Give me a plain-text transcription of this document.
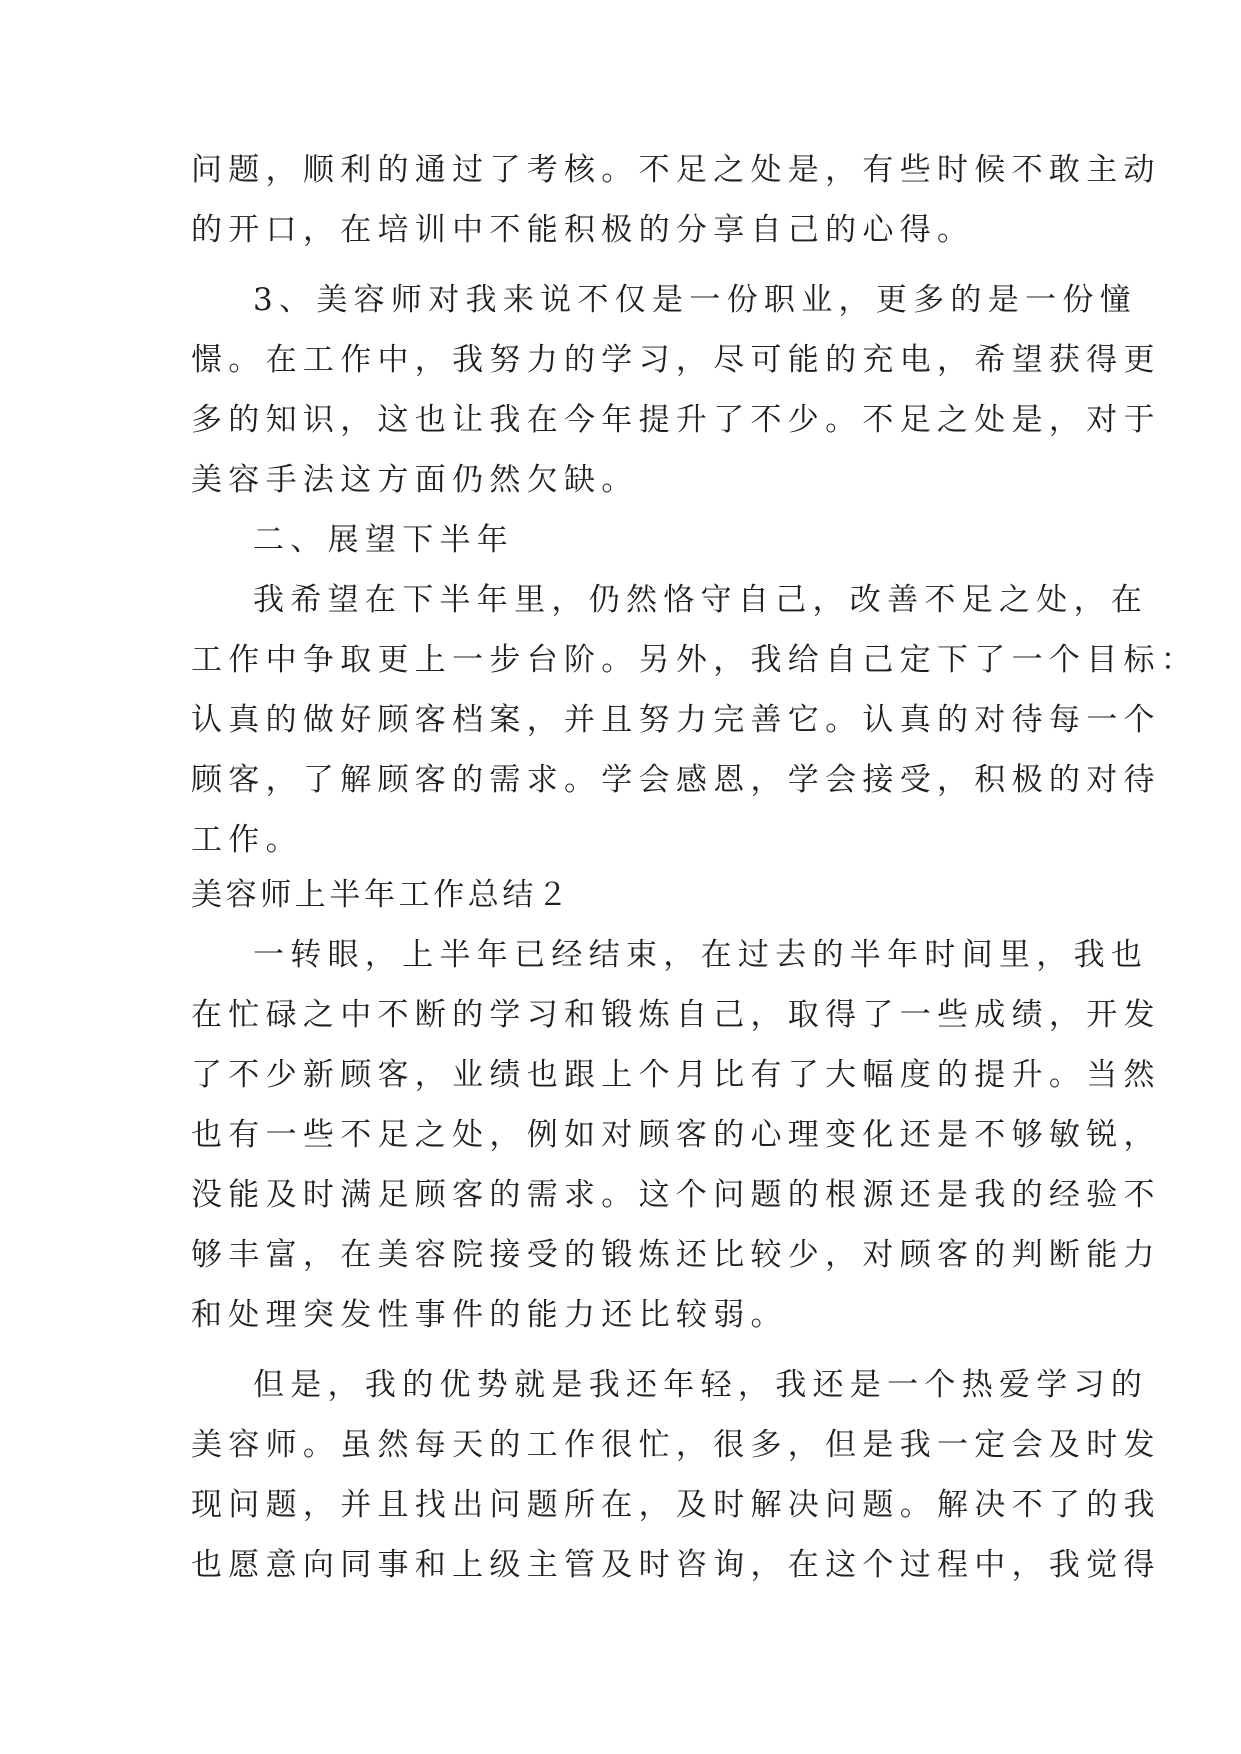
问题，顺利的通过了考核。不足之处是，有些时候不敢主动

的开口，在培训中不能积极的分享自己的心得。

3、美容师对我来说不仅是一份职业，更多的是一份憧

憬。在工作中，我努力的学习，尽可能的充电，希望获得更

多的知识，这也让我在今年提升了不少。不足之处是，对于

美容手法这方面仍然欠缺。

二、展望下半年

我希望在下半年里，仍然恪守自己，改善不足之处，在

工作中争取更上一步台阶。另外，我给自己定下了一个目标：

认真的做好顾客档案，并且努力完善它。认真的对待每一个

顾客，了解顾客的需求。学会感恩，学会接受，积极的对待

工作。

美容师上半年工作总结２

一转眼，上半年已经结束，在过去的半年时间里，我也

在忙碌之中不断的学习和锻炼自己，取得了一些成绩，开发

了不少新顾客，业绩也跟上个月比有了大幅度的提升。当然

也有一些不足之处，例如对顾客的心理变化还是不够敏锐，

没能及时满足顾客的需求。这个问题的根源还是我的经验不

够丰富，在美容院接受的锻炼还比较少，对顾客的判断能力

和处理突发性事件的能力还比较弱。

但是，我的优势就是我还年轻，我还是一个热爱学习的

美容师。虽然每天的工作很忙，很多，但是我一定会及时发

现问题，并且找出问题所在，及时解决问题。解决不了的我

也愿意向同事和上级主管及时咨询，在这个过程中，我觉得
